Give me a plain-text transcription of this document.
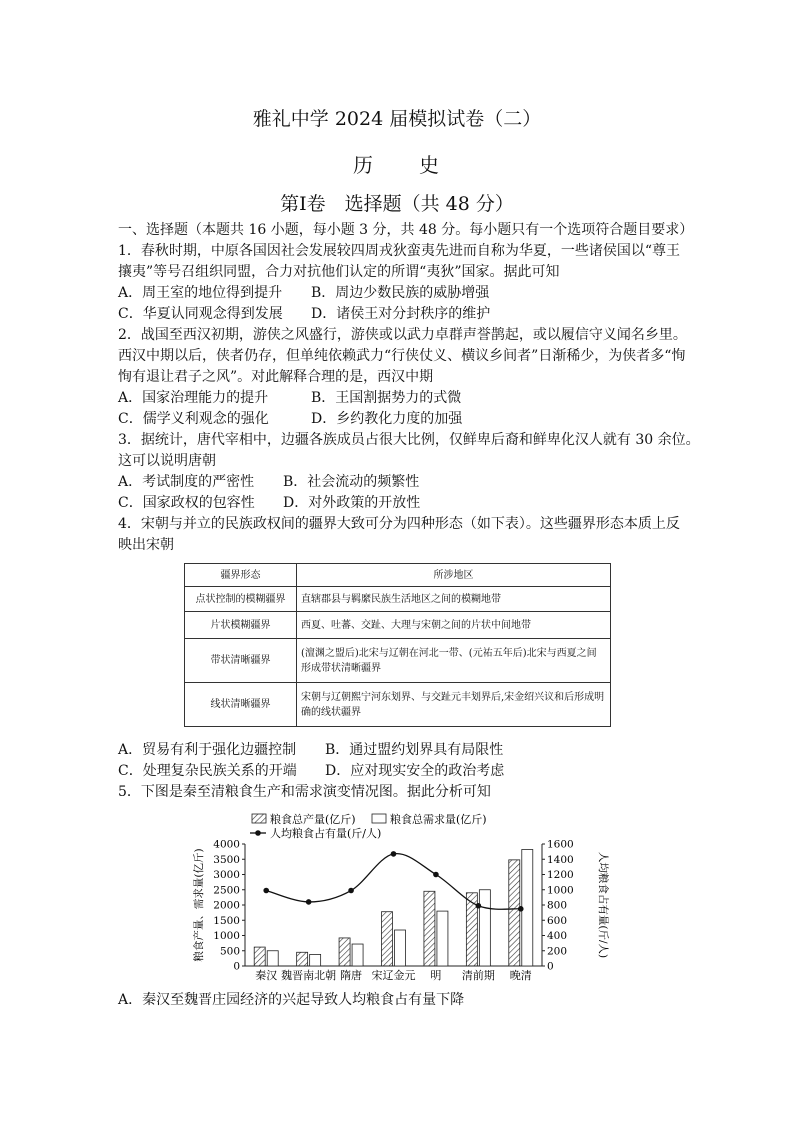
雅礼中学 2024 届模拟试卷（二）
历　　史
第Ⅰ卷　选择题（共 48 分）
一、选择题（本题共 16 小题，每小题 3 分，共 48 分。每小题只有一个选项符合题目要求）
1．春秋时期，中原各国因社会发展较四周戎狄蛮夷先进而自称为华夏，一些诸侯国以“尊王
攘夷”等号召组织同盟，合力对抗他们认定的所谓“夷狄”国家。据此可知
A．周王室的地位得到提升 B．周边少数民族的威胁增强
C．华夏认同观念得到发展 D．诸侯王对分封秩序的维护
2．战国至西汉初期，游侠之风盛行，游侠或以武力卓群声誉鹊起，或以履信守义闻名乡里。
西汉中期以后，侠者仍存，但单纯依赖武力“行侠仗义、横议乡间者”日渐稀少，为侠者多“恂
恂有退让君子之风”。对此解释合理的是，西汉中期
A．国家治理能力的提升	B．王国割据势力的式微
C．儒学义利观念的强化	D．乡约教化力度的加强
3．据统计，唐代宰相中，边疆各族成员占很大比例，仅鲜卑后裔和鲜卑化汉人就有 30 余位。
这可以说明唐朝
A．考试制度的严密性 B．社会流动的频繁性
C．国家政权的包容性 D．对外政策的开放性
4．宋朝与并立的民族政权间的疆界大致可分为四种形态（如下表）。这些疆界形态本质上反
映出宋朝
疆界形态	所涉地区
点状控制的模糊疆界	直辖郡县与羁縻民族生活地区之间的模糊地带
片状模糊疆界	西夏、吐蕃、交趾、大理与宋朝之间的片状中间地带
带状清晰疆界	(澶渊之盟后)北宋与辽朝在河北一带、(元祐五年后)北宋与西夏之间形成带状清晰疆界
线状清晰疆界	宋朝与辽朝熙宁河东划界、与交趾元丰划界后,宋金绍兴议和后形成明确的线状疆界
A．贸易有利于强化边疆控制 B．通过盟约划界具有局限性
C．处理复杂民族关系的开端 D．应对现实安全的政治考虑
5．下图是秦至清粮食生产和需求演变情况图。据此分析可知
0
500
1000
1500
2000
2500
3000
3500
4000
0
200
400
600
800
1000
1200
1400
1600
粮食产量、需求量(亿斤)	人均粮食占有量(斤/人)
秦汉 魏晋南北朝 隋唐 宋辽金元 明 清前期 晚清
粮食总产量(亿斤)	粮食总需求量(亿斤)
人均粮食占有量(斤/人)
A．秦汉至魏晋庄园经济的兴起导致人均粮食占有量下降
